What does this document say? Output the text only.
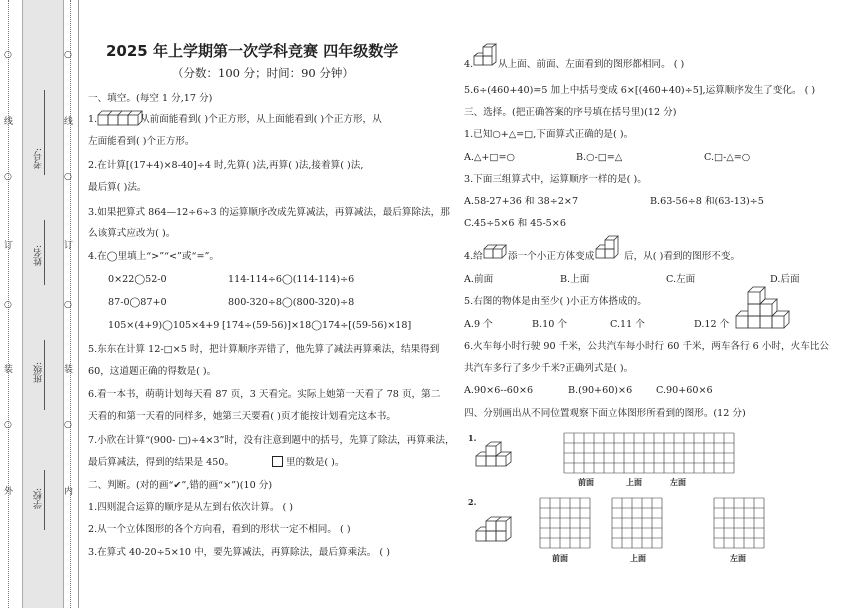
学校:
班级:
姓名:
考号:
外
○
装
○
订
○
线
○
内
○
装
○
订
○
线
○ 2025 年上学期第一次学科竞赛 四年级数学
（分数：100 分；时间：90 分钟）
一、填空。(每空 1 分,17 分)
1.	从前面能看到( )个正方形，从上面能看到( )个正方形，从
左面能看到( )个正方形。
2.在计算[(17+4)×8-40]÷4 时,先算( )法,再算( )法,接着算( )法,
最后算( )法。
3.如果把算式 864—12÷6÷3 的运算顺序改成先算减法，再算减法，最后算除法，那
么该算式应改为( )。
4.在◯里填上“>”“<”或“=”。
0×22◯52-0	114-114÷6◯(114-114)÷6
87-0◯87+0	800-320÷8◯(800-320)÷8
105×(4+9)◯105×4+9 [174÷(59-56)]×18◯174÷[(59-56)×18]
5.东东在计算 12-□×5 时，把计算顺序弄错了，他先算了减法再算乘法，结果得到
60，这道题正确的得数是( )。
6.看一本书，萌萌计划每天看 87 页，3 天看完。实际上她第一天看了 78 页，第二
天看的和第一天看的同样多，她第三天要看( )页才能按计划看完这本书。
7.小欣在计算“(900- □)÷4×3”时，没有注意到题中的括号，先算了除法，再算乘法，
最后算减法，得到的结果是 450。	里的数是( )。
二、判断。(对的画“✔”,错的画“×”)(10 分)
1.四则混合运算的顺序是从左到右依次计算。 ( )
2.从一个立体图形的各个方向看，看到的形状一定不相同。 ( )
3.在算式 40-20÷5×10 中，要先算减法，再算除法，最后算乘法。 ( )
4.	从上面、前面、左面看到的图形都相同。 ( )
5.6÷(460+40)=5 加上中括号变成 6×[(460+40)÷5],运算顺序发生了变化。 ( )
三、选择。(把正确答案的序号填在括号里)(12 分)
1.已知○+△=□,下面算式正确的是( )。
A.△+□=○	B.○-□=△	C.□-△=○
3.下面三组算式中，运算顺序一样的是( )。
A.58-27+36 和 38÷2×7	B.63-56÷8 和(63-13)÷5
C.45÷5×6 和 45-5×6
4.给	添一个小正方体变成	后，从( )看到的图形不变。
A.前面	B.上面	C.左面	D.后面
5.右图的物体是由至少( )小正方体搭成的。
A.9 个	B.10 个	C.11 个	D.12 个
6.火车每小时行驶 90 千米，公共汽车每小时行 60 千米，两车各行 6 小时，火车比公
共汽车多行了多少千米?正确列式是( )。
A.90×6--60×6	B.(90+60)×6 C.90+60×6
四、分别画出从不同位置观察下面立体图形所看到的图形。(12 分)
1.
前面	上面	左面
2.
前面	上面	左面
